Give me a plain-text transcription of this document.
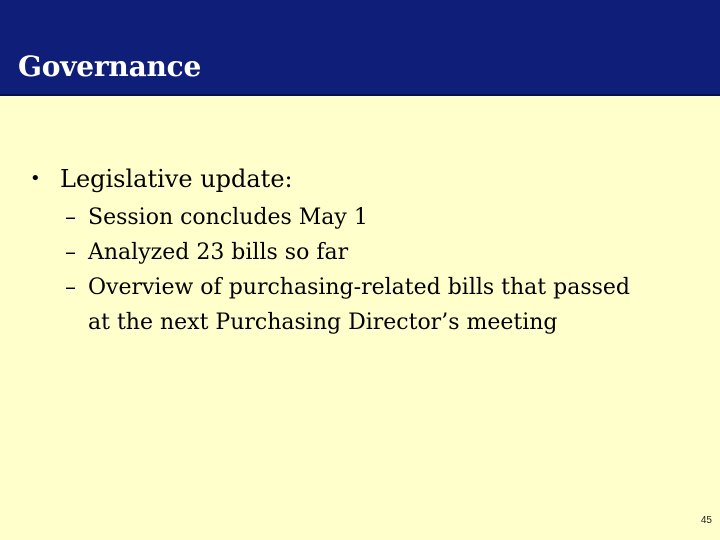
Governance
• Legislative update:
– Session concludes May 1
– Analyzed 23 bills so far
– Overview of purchasing-related bills that passed at the next Purchasing Director’s meeting
45
